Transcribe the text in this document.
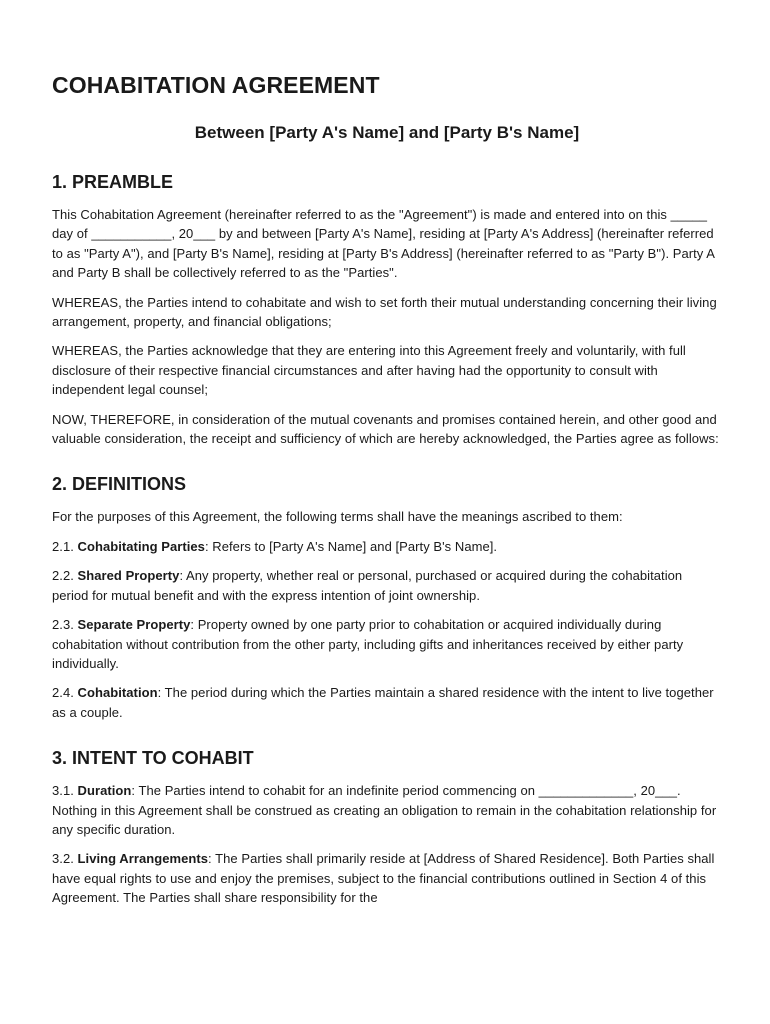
COHABITATION AGREEMENT
Between [Party A's Name] and [Party B's Name]
1. PREAMBLE

This Cohabitation Agreement (hereinafter referred to as the "Agreement") is made and entered into on this _____ day of ___________, 20___ by and between [Party A's Name], residing at [Party A's Address] (hereinafter referred to as "Party A"), and [Party B's Name], residing at [Party B's Address] (hereinafter referred to as "Party B"). Party A and Party B shall be collectively referred to as the "Parties".

WHEREAS, the Parties intend to cohabitate and wish to set forth their mutual understanding concerning their living arrangement, property, and financial obligations;

WHEREAS, the Parties acknowledge that they are entering into this Agreement freely and voluntarily, with full disclosure of their respective financial circumstances and after having had the opportunity to consult with independent legal counsel;

NOW, THEREFORE, in consideration of the mutual covenants and promises contained herein, and other good and valuable consideration, the receipt and sufficiency of which are hereby acknowledged, the Parties agree as follows:

2. DEFINITIONS

For the purposes of this Agreement, the following terms shall have the meanings ascribed to them:

2.1. Cohabitating Parties: Refers to [Party A's Name] and [Party B's Name].

2.2. Shared Property: Any property, whether real or personal, purchased or acquired during the cohabitation period for mutual benefit and with the express intention of joint ownership.

2.3. Separate Property: Property owned by one party prior to cohabitation or acquired individually during cohabitation without contribution from the other party, including gifts and inheritances received by either party individually.

2.4. Cohabitation: The period during which the Parties maintain a shared residence with the intent to live together as a couple.

3. INTENT TO COHABIT

3.1. Duration: The Parties intend to cohabit for an indefinite period commencing on _____________, 20___. Nothing in this Agreement shall be construed as creating an obligation to remain in the cohabitation relationship for any specific duration.

3.2. Living Arrangements: The Parties shall primarily reside at [Address of Shared Residence]. Both Parties shall have equal rights to use and enjoy the premises, subject to the financial contributions outlined in Section 4 of this Agreement. The Parties shall share responsibility for the
